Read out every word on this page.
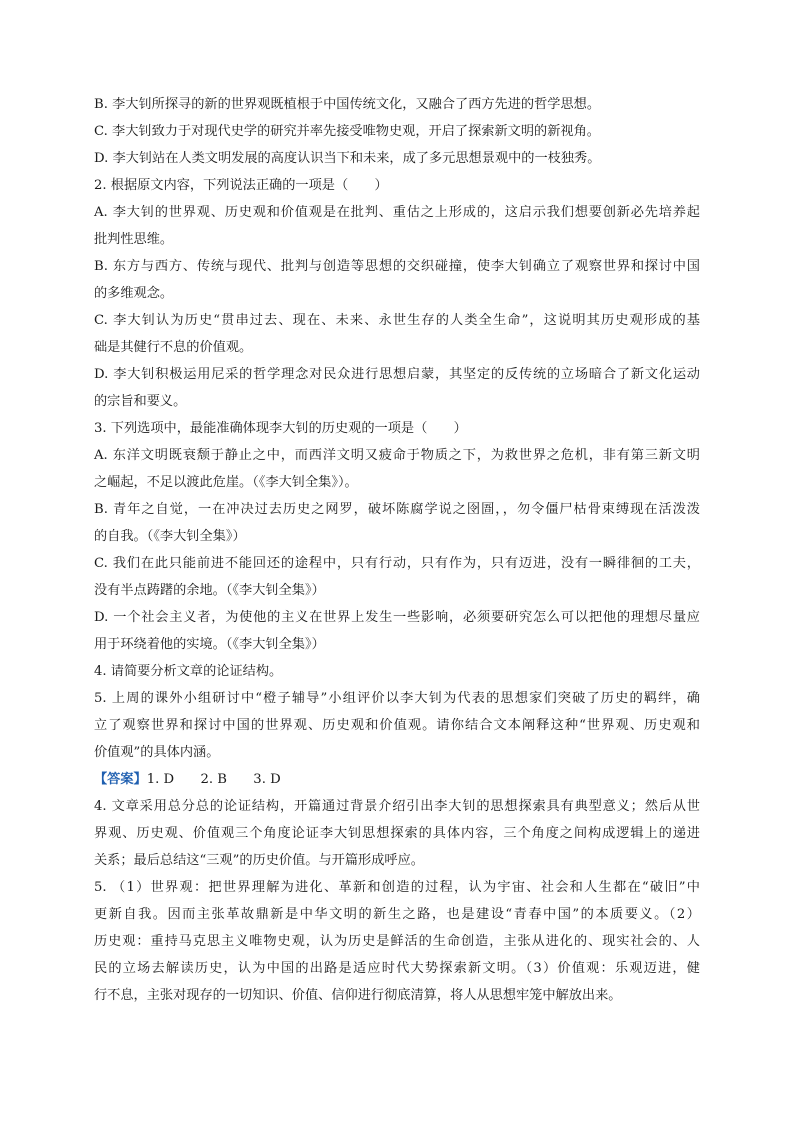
B. 李大钊所探寻的新的世界观既植根于中国传统文化，又融合了西方先进的哲学思想。
C. 李大钊致力于对现代史学的研究并率先接受唯物史观，开启了探索新文明的新视角。
D. 李大钊站在人类文明发展的高度认识当下和未来，成了多元思想景观中的一枝独秀。
2. 根据原文内容，下列说法正确的一项是（　　）
A. 李大钊的世界观、历史观和价值观是在批判、重估之上形成的，这启示我们想要创新必先培养起
批判性思维。
B. 东方与西方、传统与现代、批判与创造等思想的交织碰撞，使李大钊确立了观察世界和探讨中国
的多维观念。
C. 李大钊认为历史“贯串过去、现在、未来、永世生存的人类全生命”，这说明其历史观形成的基
础是其健行不息的价值观。
D. 李大钊积极运用尼采的哲学理念对民众进行思想启蒙，其坚定的反传统的立场暗合了新文化运动
的宗旨和要义。
3. 下列选项中，最能准确体现李大钊的历史观的一项是（　　）
A. 东洋文明既衰颓于静止之中，而西洋文明又疲命于物质之下，为救世界之危机，非有第三新文明
之崛起，不足以渡此危崖。（《李大钊全集》）。
B. 青年之自觉，一在冲决过去历史之网罗，破坏陈腐学说之囹圄，，勿令僵尸枯骨束缚现在活泼泼
的自我。（《李大钊全集》）
C. 我们在此只能前进不能回还的途程中，只有行动，只有作为，只有迈进，没有一瞬徘徊的工夫，
没有半点踌躇的余地。（《李大钊全集》）
D. 一个社会主义者，为使他的主义在世界上发生一些影响，必须要研究怎么可以把他的理想尽量应
用于环绕着他的实境。（《李大钊全集》）
4. 请简要分析文章的论证结构。
5. 上周的课外小组研讨中“橙子辅导”小组评价以李大钊为代表的思想家们突破了历史的羁绊，确
立了观察世界和探讨中国的世界观、历史观和价值观。请你结合文本阐释这种“世界观、历史观和
价值观”的具体内涵。
【答案】1. D　　2. B　　3. D
4. 文章采用总分总的论证结构，开篇通过背景介绍引出李大钊的思想探索具有典型意义；然后从世
界观、历史观、价值观三个角度论证李大钊思想探索的具体内容，三个角度之间构成逻辑上的递进
关系；最后总结这“三观”的历史价值。与开篇形成呼应。
5. （1）世界观：把世界理解为进化、革新和创造的过程，认为宇宙、社会和人生都在“破旧”中
更新自我。因而主张革故鼎新是中华文明的新生之路，也是建设“青春中国”的本质要义。（2）
历史观：重持马克思主义唯物史观，认为历史是鲜活的生命创造，主张从进化的、现实社会的、人
民的立场去解读历史，认为中国的出路是适应时代大势探索新文明。（3）价值观：乐观迈进，健
行不息，主张对现存的一切知识、价值、信仰进行彻底清算，将人从思想牢笼中解放出来。
